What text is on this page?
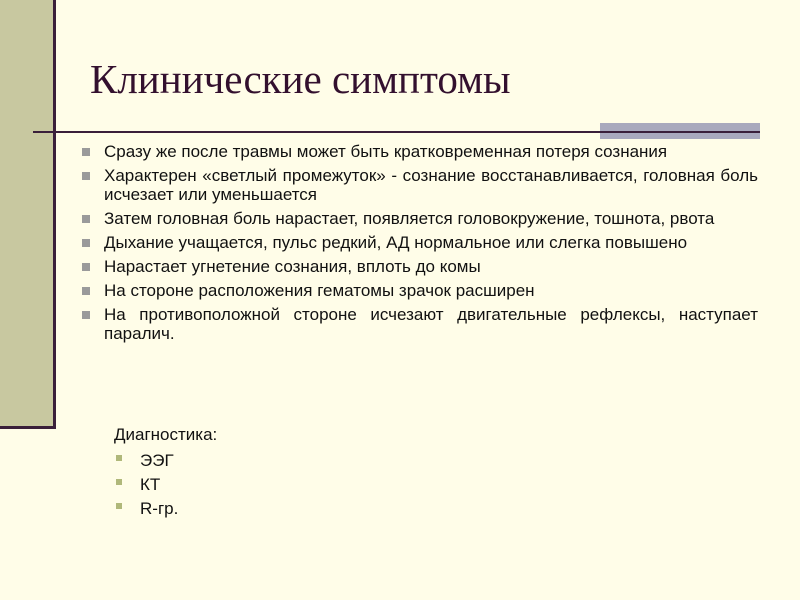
Клинические симптомы
Сразу же после травмы может быть кратковременная потеря сознания
Характерен «светлый промежуток» - сознание восстанавливается, головная боль исчезает или уменьшается
Затем головная боль нарастает, появляется головокружение, тошнота, рвота
Дыхание учащается, пульс редкий, АД нормальное или слегка повышено
Нарастает угнетение сознания, вплоть до комы
На стороне расположения гематомы зрачок расширен
На противоположной стороне исчезают двигательные рефлексы, наступает паралич.
Диагностика:
ЭЭГ
КТ
R-гр.
